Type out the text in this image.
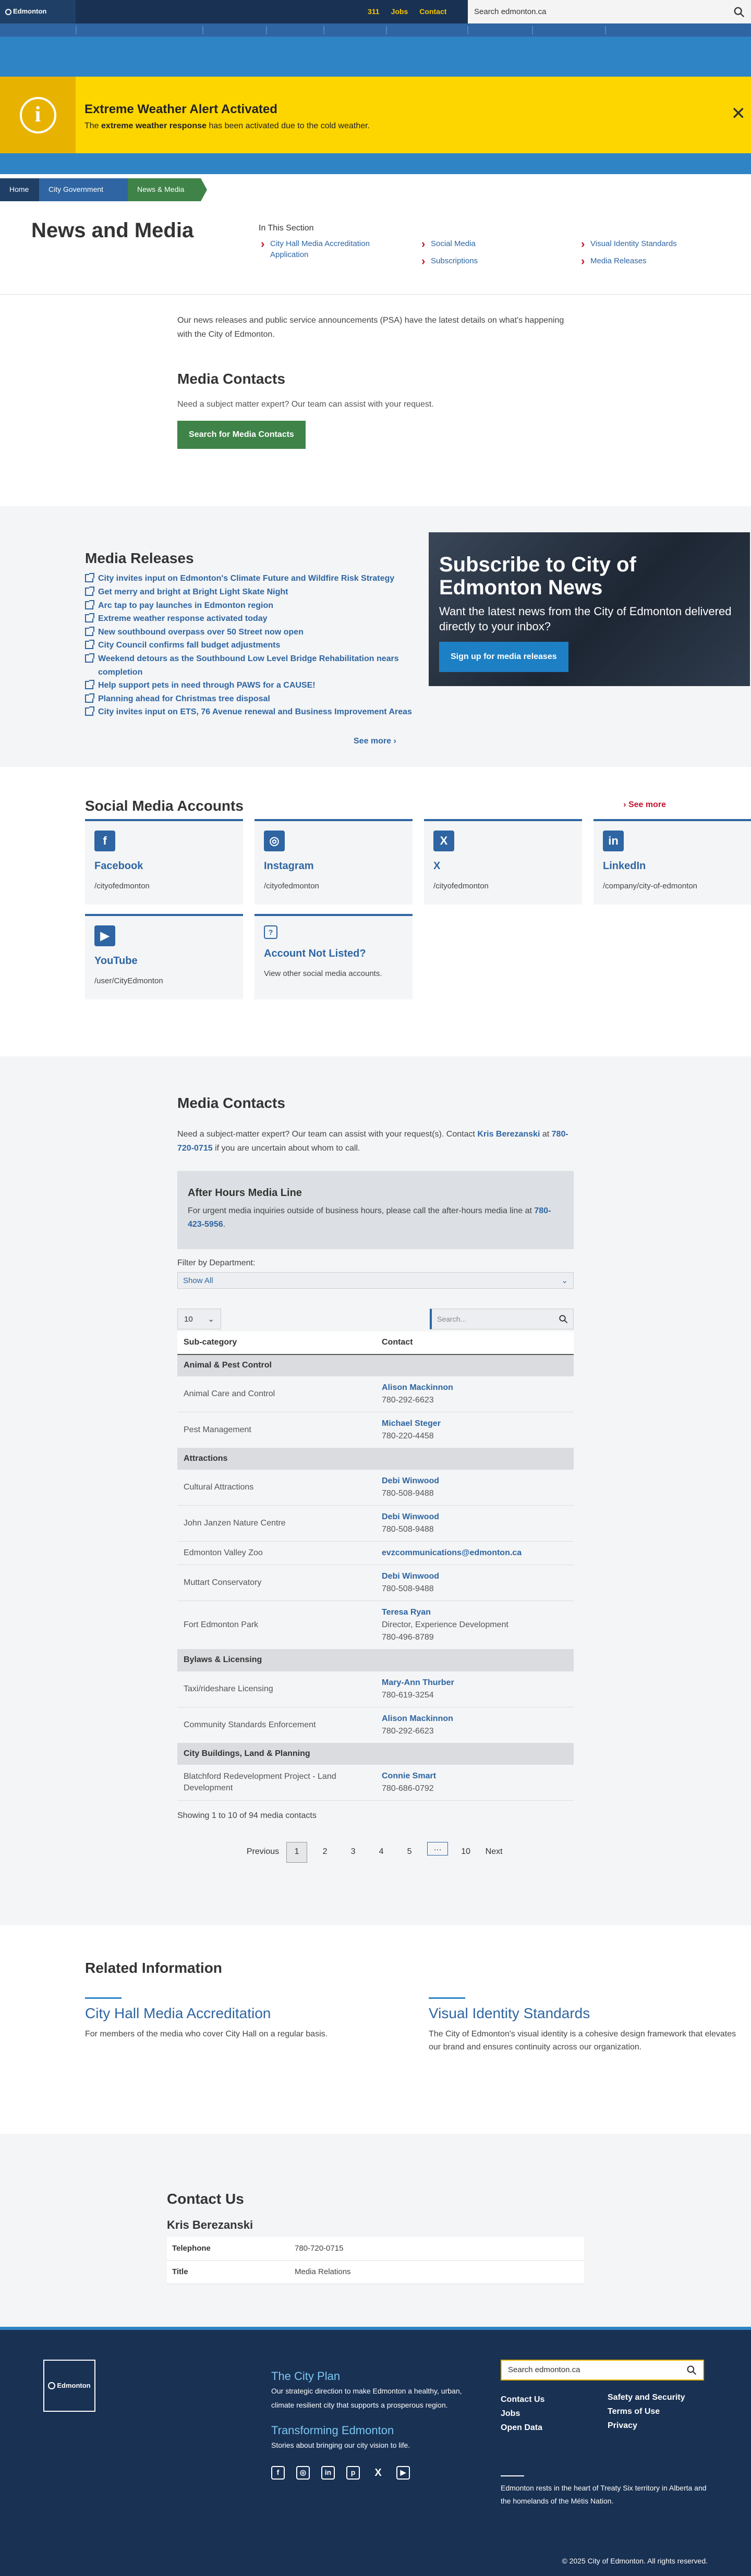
Edmonton	311 Jobs Contact	Search edmonton.ca
i	Extreme Weather Alert Activated
The extreme weather response has been activated due to the cold weather.
✕
Home	City Government	News & Media
News and Media	In This Section
› City Hall Media Accreditation Application
› Social Media
› Subscriptions
› Visual Identity Standards
› Media Releases

Our news releases and public service announcements (PSA) have the latest details on what's happening with the City of Edmonton.

Media Contacts
Need a subject matter expert? Our team can assist with your request.
Search for Media Contacts
Media Releases
City invites input on Edmonton's Climate Future and Wildfire Risk Strategy
Get merry and bright at Bright Light Skate Night
Arc tap to pay launches in Edmonton region
Extreme weather response activated today
New southbound overpass over 50 Street now open
City Council confirms fall budget adjustments
Weekend detours as the Southbound Low Level Bridge Rehabilitation nears completion
Help support pets in need through PAWS for a CAUSE!
Planning ahead for Christmas tree disposal
City invites input on ETS, 76 Avenue renewal and Business Improvement Areas
See more ›
Subscribe to City of Edmonton News

Want the latest news from the City of Edmonton delivered directly to your inbox?

Sign up for media releases
Social Media Accounts	› See more
f
Facebook
/cityofedmonton
◎
Instagram
/cityofedmonton
X
X
/cityofedmonton
in
LinkedIn
/company/city-of-edmonton
▶
YouTube
/user/CityEdmonton
?
Account Not Listed?
View other social media accounts.
Media Contacts

Need a subject-matter expert? Our team can assist with your request(s). Contact Kris Berezanski at 780-720-0715 if you are uncertain about whom to call.

After Hours Media Line

For urgent media inquiries outside of business hours, please call the after-hours media line at 780-423-5956.

Filter by Department:
Show All	⌄
10 ⌄	Search...
Sub-category	Contact
Animal & Pest Control	
Animal Care and Control	Alison Mackinnon
780-292-6623

Pest Management	Michael Steger
780-220-4458

Attractions	
Cultural Attractions	Debi Winwood
780-508-9488

John Janzen Nature Centre	Debi Winwood
780-508-9488

Edmonton Valley Zoo	evzcommunications@edmonton.ca

Muttart Conservatory	Debi Winwood
780-508-9488

Fort Edmonton Park	Teresa Ryan
Director, Experience Development
780-496-8789

Bylaws & Licensing	
Taxi/rideshare Licensing	Mary-Ann Thurber
780-619-3254

Community Standards Enforcement	Alison Mackinnon
780-292-6623

City Buildings, Land & Planning	
Blatchford Redevelopment Project - Land Development	Connie Smart
780-686-0792
Showing 1 to 10 of 94 media contacts
Previous	1	2	3	4	5	…	10	Next
Related Information
City Hall Media Accreditation

For members of the media who cover City Hall on a regular basis.

Visual Identity Standards

The City of Edmonton's visual identity is a cohesive design framework that elevates our brand and ensures continuity across our organization.

Contact Us
Kris Berezanski
Telephone	780-720-0715
Title	Media Relations
Edmonton
The City Plan

Our strategic direction to make Edmonton a healthy, urban, climate resilient city that supports a prosperous region.

Transforming Edmonton

Stories about bringing our city vision to life.

f	◎	in	p	X	▶
Search edmonton.ca
Contact Us
Jobs
Open Data
Safety and Security
Terms of Use
Privacy
Edmonton rests in the heart of Treaty Six territory in Alberta and the homelands of the Métis Nation.
© 2025 City of Edmonton. All rights reserved.
